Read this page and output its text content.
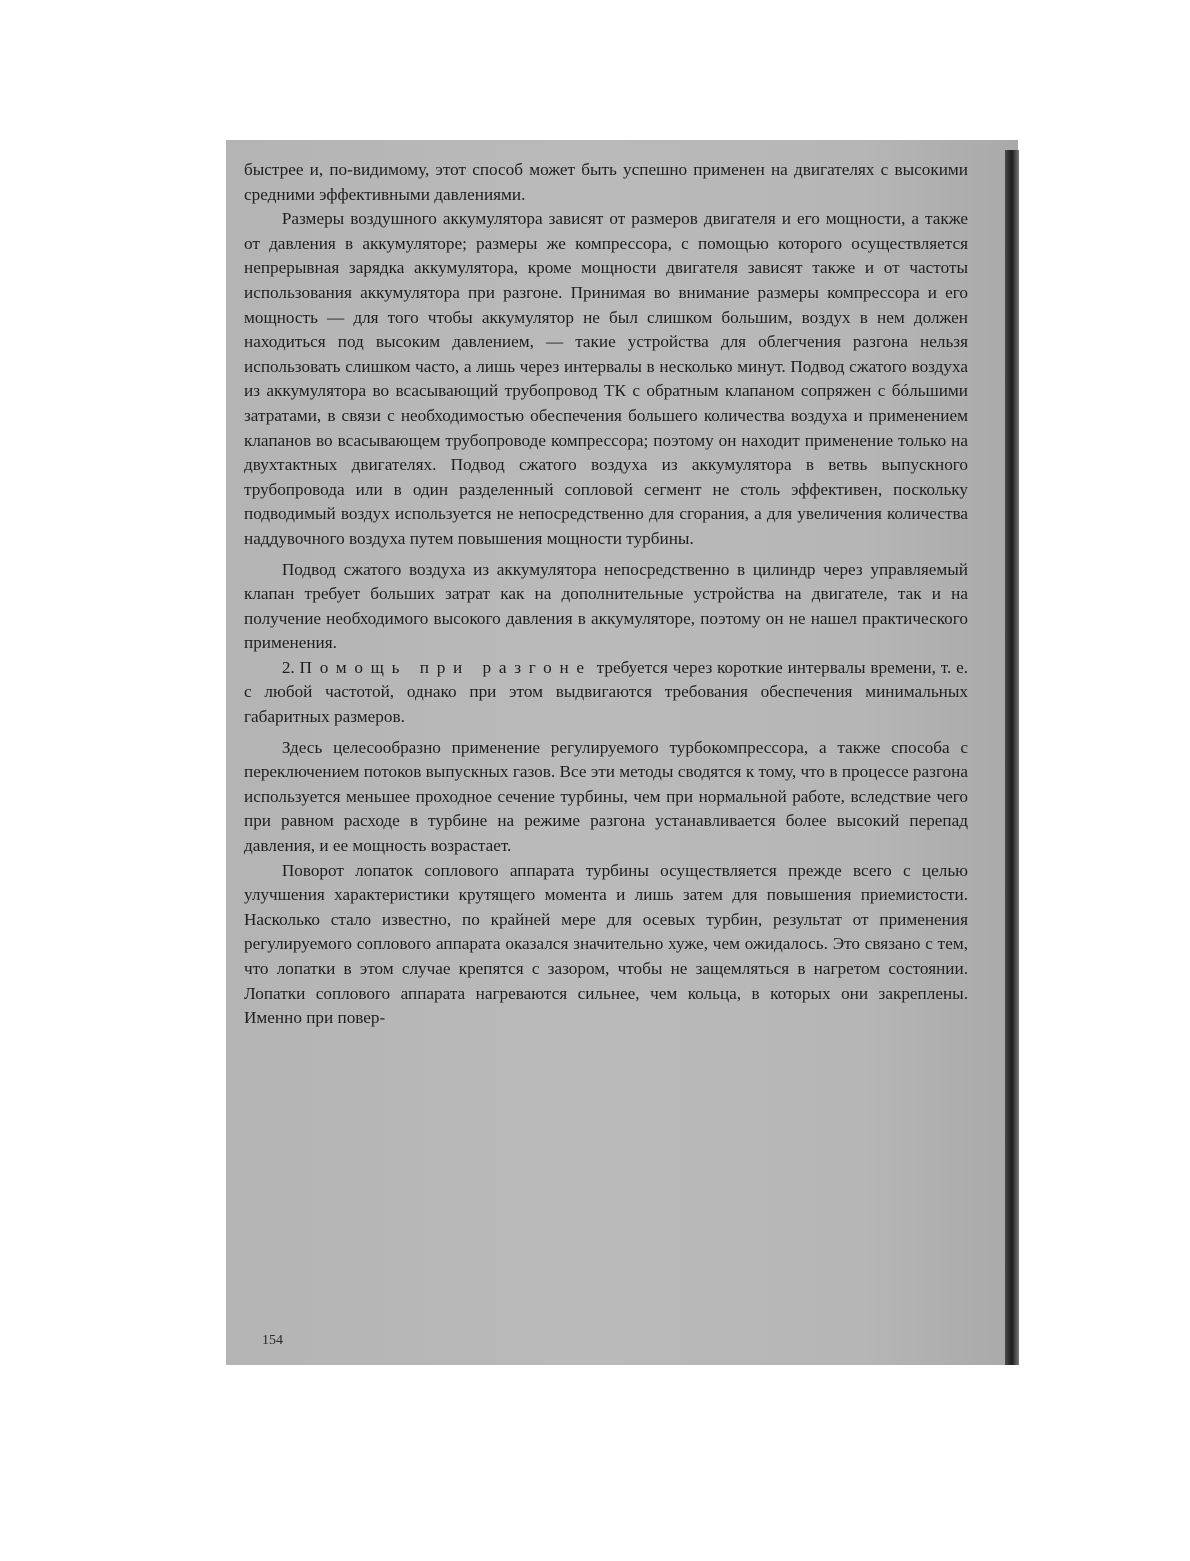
быстрее и, по-видимому, этот способ может быть успешно применен на двигателях с высокими средними эффективными давлениями.

Размеры воздушного аккумулятора зависят от размеров двигателя и его мощности, а также от давления в аккумуляторе; размеры же компрессора, с помощью которого осуществляется непрерывная зарядка аккумулятора, кроме мощности двигателя зависят также и от частоты использования аккумулятора при разгоне. Принимая во внимание размеры компрессора и его мощность — для того чтобы аккумулятор не был слишком большим, воздух в нем должен находиться под высоким давлением, — такие устройства для облегчения разгона нельзя использовать слишком часто, а лишь через интервалы в несколько минут. Подвод сжатого воздуха из аккумулятора во всасывающий трубопровод ТК с обратным клапаном сопряжен с бóльшими затратами, в связи с необходимостью обеспечения большего количества воздуха и применением клапанов во всасывающем трубопроводе компрессора; поэтому он находит применение только на двухтактных двигателях. Подвод сжатого воздуха из аккумулятора в ветвь выпускного трубопровода или в один разделенный сопловой сегмент не столь эффективен, поскольку подводимый воздух используется не непосредственно для сгорания, а для увеличения количества наддувочного воздуха путем повышения мощности турбины.

Подвод сжатого воздуха из аккумулятора непосредственно в цилиндр через управляемый клапан требует больших затрат как на дополнительные устройства на двигателе, так и на получение необходимого высокого давления в аккумуляторе, поэтому он не нашел практического применения.

2. Помощь при разгоне требуется через короткие интервалы времени, т. е. с любой частотой, однако при этом выдвигаются требования обеспечения минимальных габаритных размеров.

Здесь целесообразно применение регулируемого турбокомпрессора, а также способа с переключением потоков выпускных газов. Все эти методы сводятся к тому, что в процессе разгона используется меньшее проходное сечение турбины, чем при нормальной работе, вследствие чего при равном расходе в турбине на режиме разгона устанавливается более высокий перепад давления, и ее мощность возрастает.

Поворот лопаток соплового аппарата турбины осуществляется прежде всего с целью улучшения характеристики крутящего момента и лишь затем для повышения приемистости. Насколько стало известно, по крайней мере для осевых турбин, результат от применения регулируемого соплового аппарата оказался значительно хуже, чем ожидалось. Это связано с тем, что лопатки в этом случае крепятся с зазором, чтобы не защемляться в нагретом состоянии. Лопатки соплового аппарата нагреваются сильнее, чем кольца, в которых они закреплены. Именно при повер-

154
